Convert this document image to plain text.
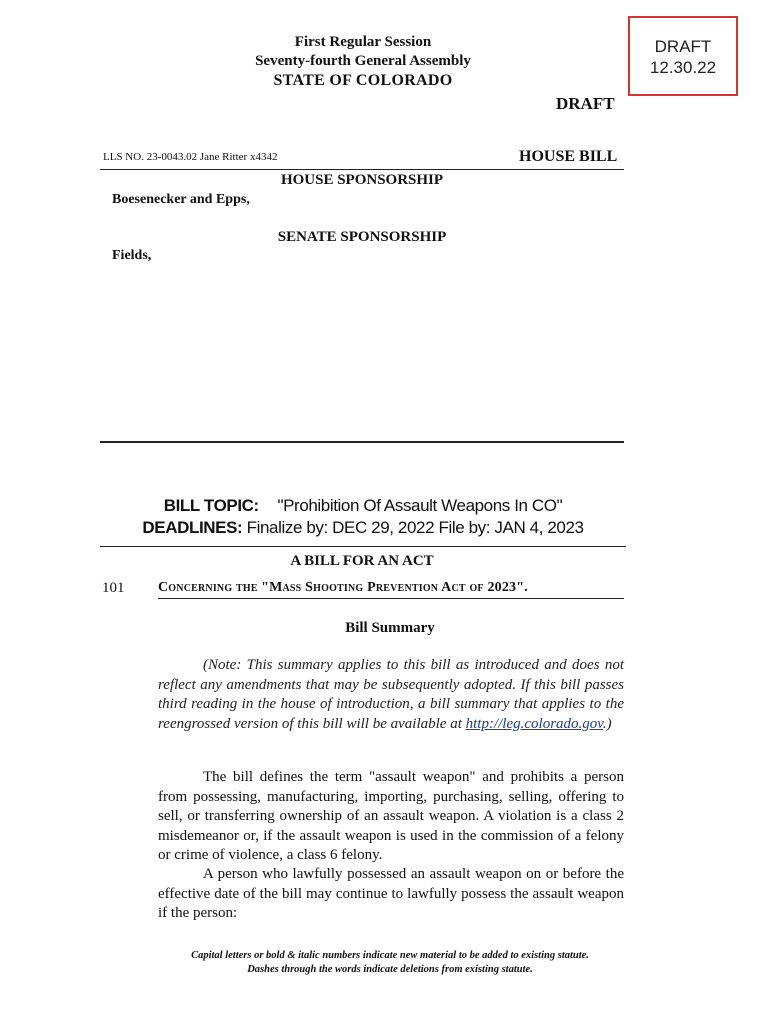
First Regular Session
Seventy-fourth General Assembly
STATE OF COLORADO
DRAFT
12.30.22
DRAFT
LLS NO. 23-0043.02 Jane Ritter x4342	HOUSE BILL
HOUSE SPONSORSHIP
Boesenecker and Epps,
SENATE SPONSORSHIP
Fields,
BILL TOPIC: "Prohibition Of Assault Weapons In CO"
DEADLINES: Finalize by: DEC 29, 2022 File by: JAN 4, 2023
A BILL FOR AN ACT
101 Concerning the "Mass Shooting Prevention Act of 2023".
Bill Summary
(Note: This summary applies to this bill as introduced and does not reflect any amendments that may be subsequently adopted. If this bill passes third reading in the house of introduction, a bill summary that applies to the reengrossed version of this bill will be available at http://leg.colorado.gov.)
The bill defines the term "assault weapon" and prohibits a person from possessing, manufacturing, importing, purchasing, selling, offering to sell, or transferring ownership of an assault weapon. A violation is a class 2 misdemeanor or, if the assault weapon is used in the commission of a felony or crime of violence, a class 6 felony.
A person who lawfully possessed an assault weapon on or before the effective date of the bill may continue to lawfully possess the assault weapon if the person:
Capital letters or bold & italic numbers indicate new material to be added to existing statute.
Dashes through the words indicate deletions from existing statute.
